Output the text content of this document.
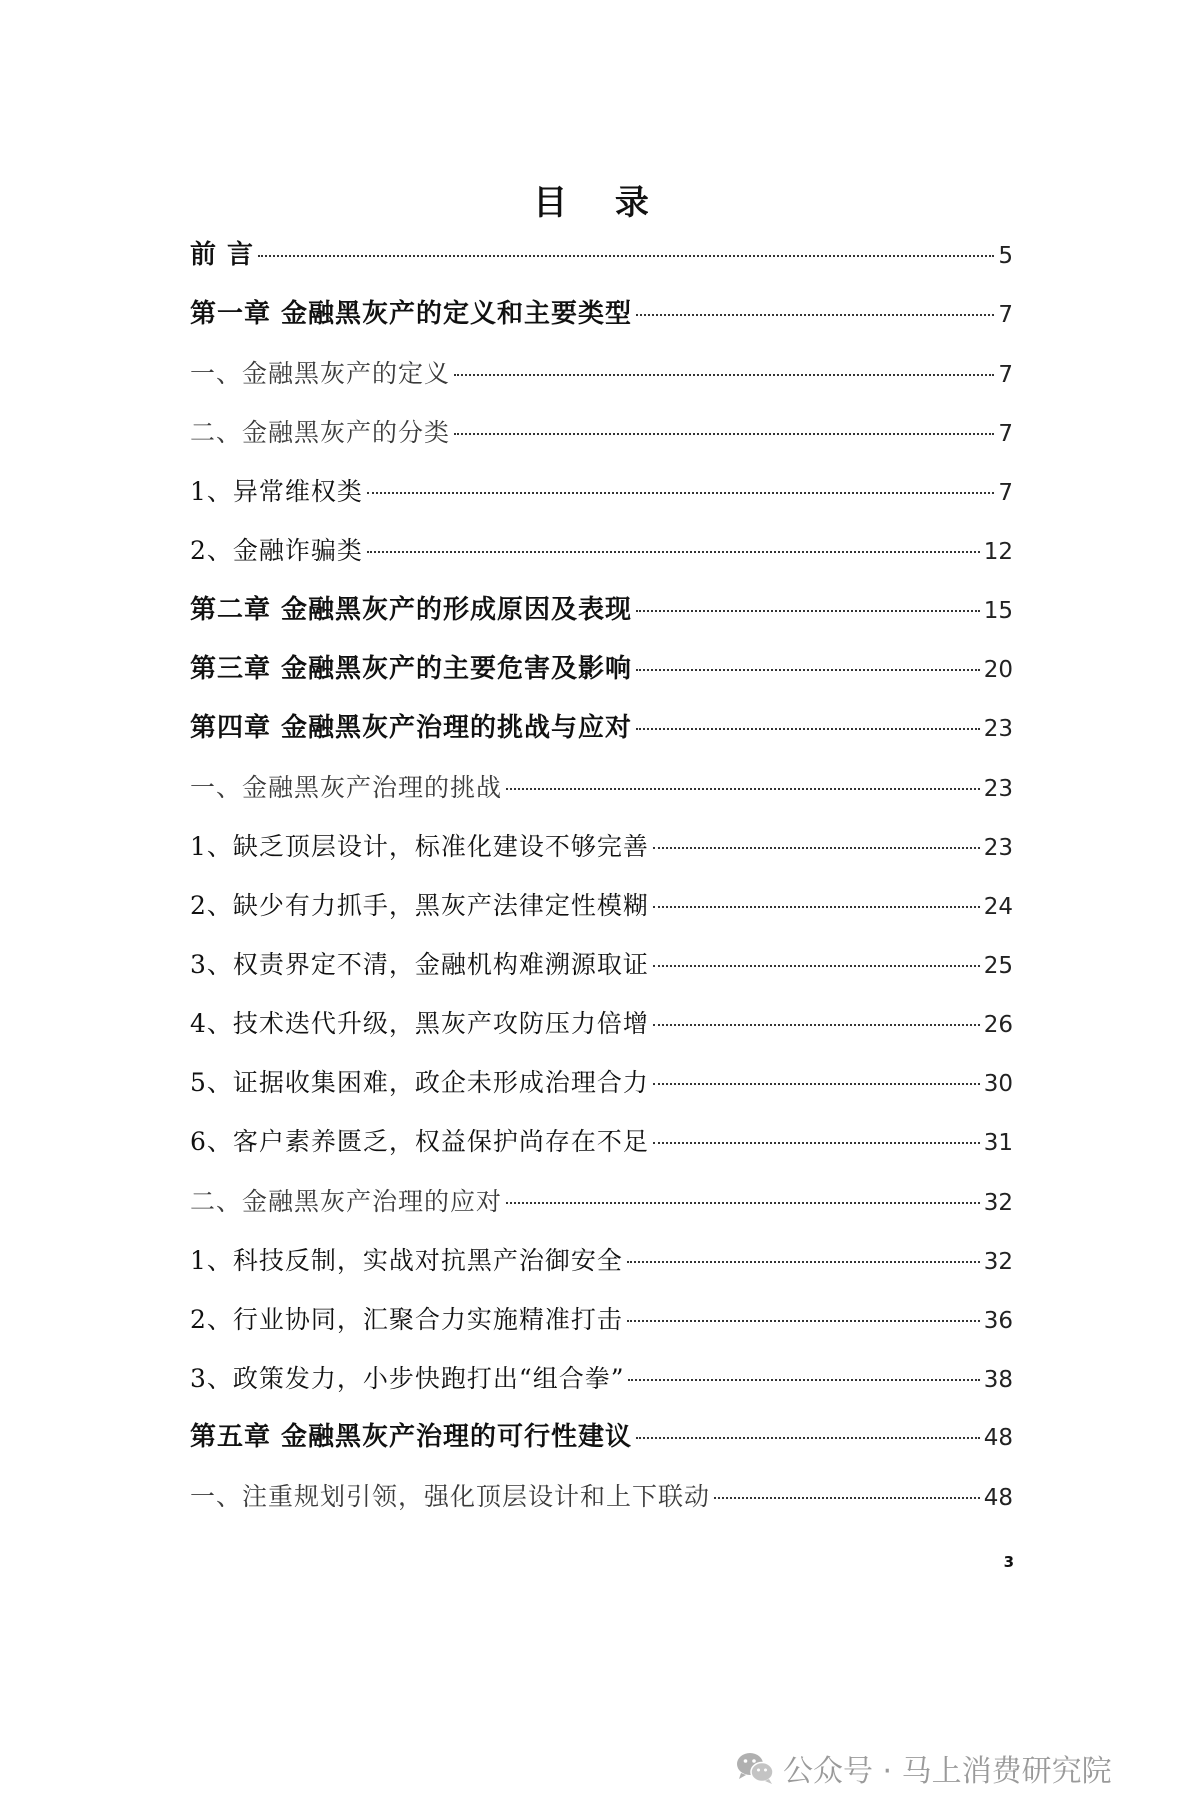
目 录
前 言	5
第一章 金融黑灰产的定义和主要类型	7
一、金融黑灰产的定义	7
二、金融黑灰产的分类	7
1、异常维权类	7
2、金融诈骗类	12
第二章 金融黑灰产的形成原因及表现	15
第三章 金融黑灰产的主要危害及影响	20
第四章 金融黑灰产治理的挑战与应对	23
一、金融黑灰产治理的挑战	23
1、缺乏顶层设计，标准化建设不够完善	23
2、缺少有力抓手，黑灰产法律定性模糊	24
3、权责界定不清，金融机构难溯源取证	25
4、技术迭代升级，黑灰产攻防压力倍增	26
5、证据收集困难，政企未形成治理合力	30
6、客户素养匮乏，权益保护尚存在不足	31
二、金融黑灰产治理的应对	32
1、科技反制，实战对抗黑产治御安全	32
2、行业协同，汇聚合力实施精准打击	36
3、政策发力，小步快跑打出“组合拳”	38
第五章 金融黑灰产治理的可行性建议	48
一、注重规划引领，强化顶层设计和上下联动	48
3
公众号 · 马上消费研究院
